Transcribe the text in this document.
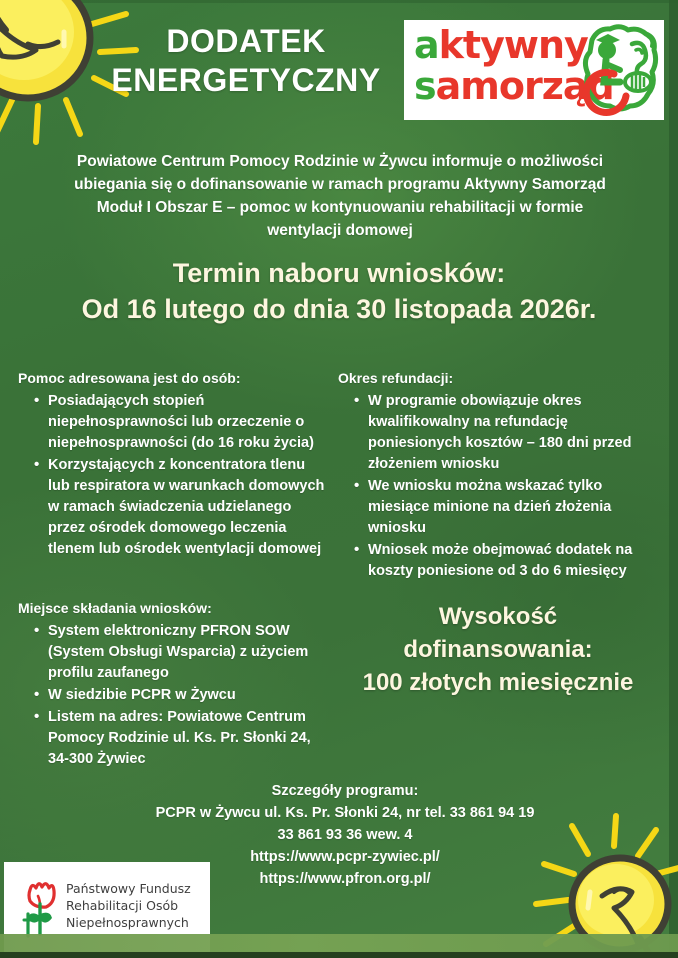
DODATEK
ENERGETYCZNY
aktywny
samorząd
Powiatowe Centrum Pomocy Rodzinie w Żywcu informuje o możliwości
ubiegania się o dofinansowanie w ramach programu Aktywny Samorząd
Moduł I Obszar E – pomoc w kontynuowaniu rehabilitacji w formie
wentylacji domowej
Termin naboru wniosków:
Od 16 lutego do dnia 30 listopada 2026r.

Pomoc adresowana jest do osób:

• Posiadających stopień niepełnosprawności lub orzeczenie o niepełnosprawności (do 16 roku życia)
• Korzystających z koncentratora tlenu lub respiratora w warunkach domowych w ramach świadczenia udzielanego przez ośrodek domowego leczenia tlenem lub ośrodek wentylacji domowej

Okres refundacji:

• W programie obowiązuje okres kwalifikowalny na refundację poniesionych kosztów – 180 dni przed złożeniem wniosku
• We wniosku można wskazać tylko miesiące minione na dzień złożenia wniosku
• Wniosek może obejmować dodatek na koszty poniesione od 3 do 6 miesięcy

Miejsce składania wniosków:

• System elektroniczny PFRON SOW (System Obsługi Wsparcia) z użyciem profilu zaufanego
• W siedzibie PCPR w Żywcu
• Listem na adres: Powiatowe Centrum Pomocy Rodzinie ul. Ks. Pr. Słonki 24, 34-300 Żywiec
Wysokość
dofinansowania:
100 złotych miesięcznie
Szczegóły programu:
PCPR w Żywcu ul. Ks. Pr. Słonki 24, nr tel. 33 861 94 19
33 861 93 36 wew. 4
https://www.pcpr-zywiec.pl/
https://www.pfron.org.pl/
Państwowy Fundusz
Rehabilitacji Osób
Niepełnosprawnych
